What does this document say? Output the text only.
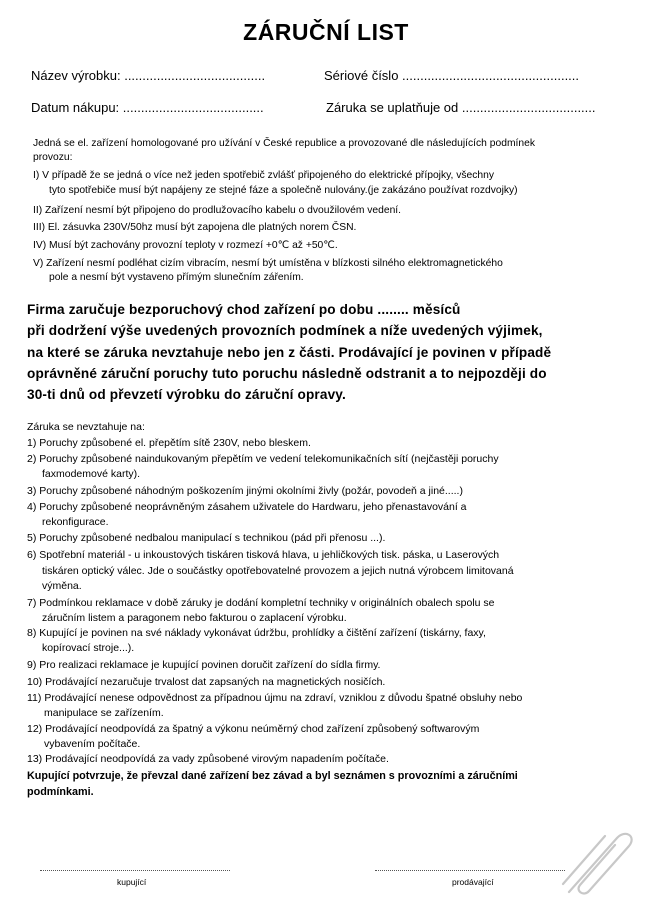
ZÁRUČNÍ LIST
Název výrobku: .......................................	Sériové číslo .................................................
Datum nákupu: .......................................	Záruka se uplatňuje od .....................................
Jedná se el. zařízení homologované pro užívání v České republice a provozované dle následujících podmínek
provozu:
I) V případě že se jedná o více než jeden spotřebič zvlášť připojeného do elektrické přípojky, všechny
tyto spotřebiče musí být napájeny ze stejné fáze a společně nulovány.(je zakázáno používat rozdvojky)
II) Zařízení nesmí být připojeno do prodlužovacího kabelu o dvoužilovém vedení.
III) El. zásuvka 230V/50hz musí být zapojena dle platných norem ČSN.
IV) Musí být zachovány provozní teploty v rozmezí +0℃ až +50℃.
V) Zařízení nesmí podléhat cizím vibracím, nesmí být umístěna v blízkosti silného elektromagnetického
pole a nesmí být vystaveno přímým slunečním zářením.
Firma zaručuje bezporuchový chod zařízení po dobu ........ měsíců
při dodržení výše uvedených provozních podmínek a níže uvedených výjimek,
na které se záruka nevztahuje nebo jen z části. Prodávající je povinen v případě
oprávněné záruční poruchy tuto poruchu následně odstranit a to nejpozději do
30-ti dnů od převzetí výrobku do záruční opravy.
Záruka se nevztahuje na:
1) Poruchy způsobené el. přepětím sítě 230V, nebo bleskem.
2) Poruchy způsobené naindukovaným přepětím ve vedení telekomunikačních sítí (nejčastěji poruchy
faxmodemové karty).
3) Poruchy způsobené náhodným poškozením jinými okolními živly (požár, povodeň a jiné.....)
4) Poruchy způsobené neoprávněným zásahem uživatele do Hardwaru, jeho přenastavování a
rekonfigurace.
5) Poruchy způsobené nedbalou manipulací s technikou (pád při přenosu ...).
6) Spotřební materiál - u inkoustových tiskáren tisková hlava, u jehličkových tisk. páska, u Laserových
tiskáren optický válec. Jde o součástky opotřebovatelné provozem a jejich nutná výrobcem limitovaná
výměna.
7) Podmínkou reklamace v době záruky je dodání kompletní techniky v originálních obalech spolu se
záručním listem a paragonem nebo fakturou o zaplacení výrobku.
8) Kupující je povinen na své náklady vykonávat údržbu, prohlídky a čištění zařízení (tiskárny, faxy,
kopírovací stroje...).
9) Pro realizaci reklamace je kupující povinen doručit zařízení do sídla firmy.
10) Prodávající nezaručuje trvalost dat zapsaných na magnetických nosičích.
11) Prodávající nenese odpovědnost za případnou újmu na zdraví, vzniklou z důvodu špatné obsluhy nebo
manipulace se zařízením.
12) Prodávající neodpovídá za špatný a výkonu neúměrný chod zařízení způsobený softwarovým
vybavením počítače.
13) Prodávající neodpovídá za vady způsobené virovým napadením počítače.
Kupující potvrzuje, že převzal dané zařízení bez závad a byl seznámen s provozními a záručními
podmínkami.
kupující	prodávající
